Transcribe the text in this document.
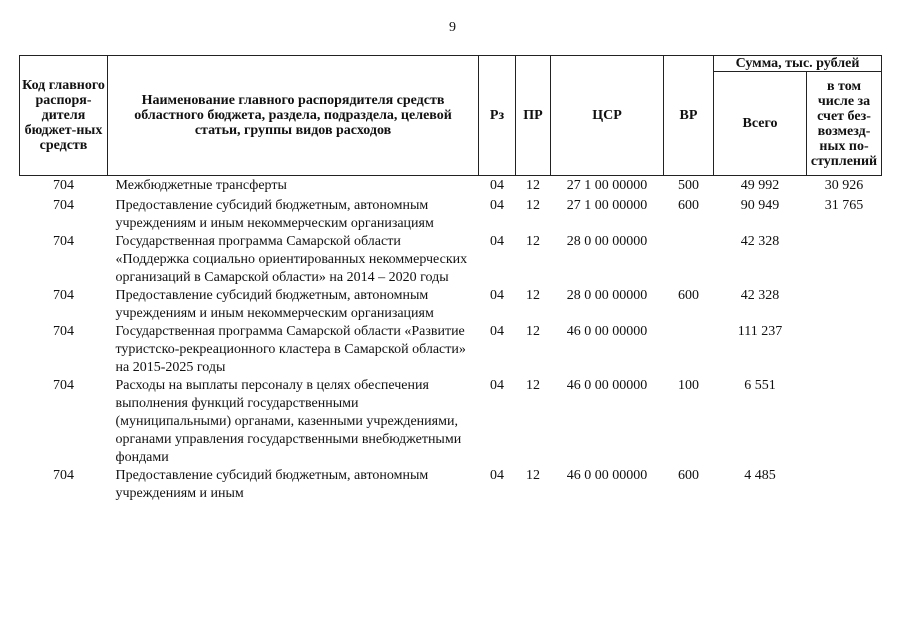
9
Код главного распоря-дителя бюджет-ных средств	Наименование главного распорядителя средств областного бюджета, раздела, подраздела, целевой статьи, группы видов расходов	Рз	ПР	ЦСР	ВР	Сумма, тыс. рублей	
						Всего	в том числе за счет без-возмезд-ных по-ступлений
704	Межбюджетные трансферты	04	12	27 1 00 00000	500	49 992	30 926
704	Предоставление субсидий бюджетным, автономным учреждениям и иным некоммерческим организациям	04	12	27 1 00 00000	600	90 949	31 765
704	Государственная программа Самарской области «Поддержка социально ориентированных некоммерческих организаций в Самарской области» на 2014 – 2020 годы	04	12	28 0 00 00000		42 328	
704	Предоставление субсидий бюджетным, автономным учреждениям и иным некоммерческим организациям	04	12	28 0 00 00000	600	42 328	
704	Государственная программа Самарской области «Развитие туристско-рекреационного кластера в Самарской области» на 2015-2025 годы	04	12	46 0 00 00000		111 237	
704	Расходы на выплаты персоналу в целях обеспечения выполнения функций государственными (муниципальными) органами, казенными учреждениями, органами управления государственными внебюджетными фондами	04	12	46 0 00 00000	100	6 551	
704	Предоставление субсидий бюджетным, автономным учреждениям и иным	04	12	46 0 00 00000	600	4 485	
